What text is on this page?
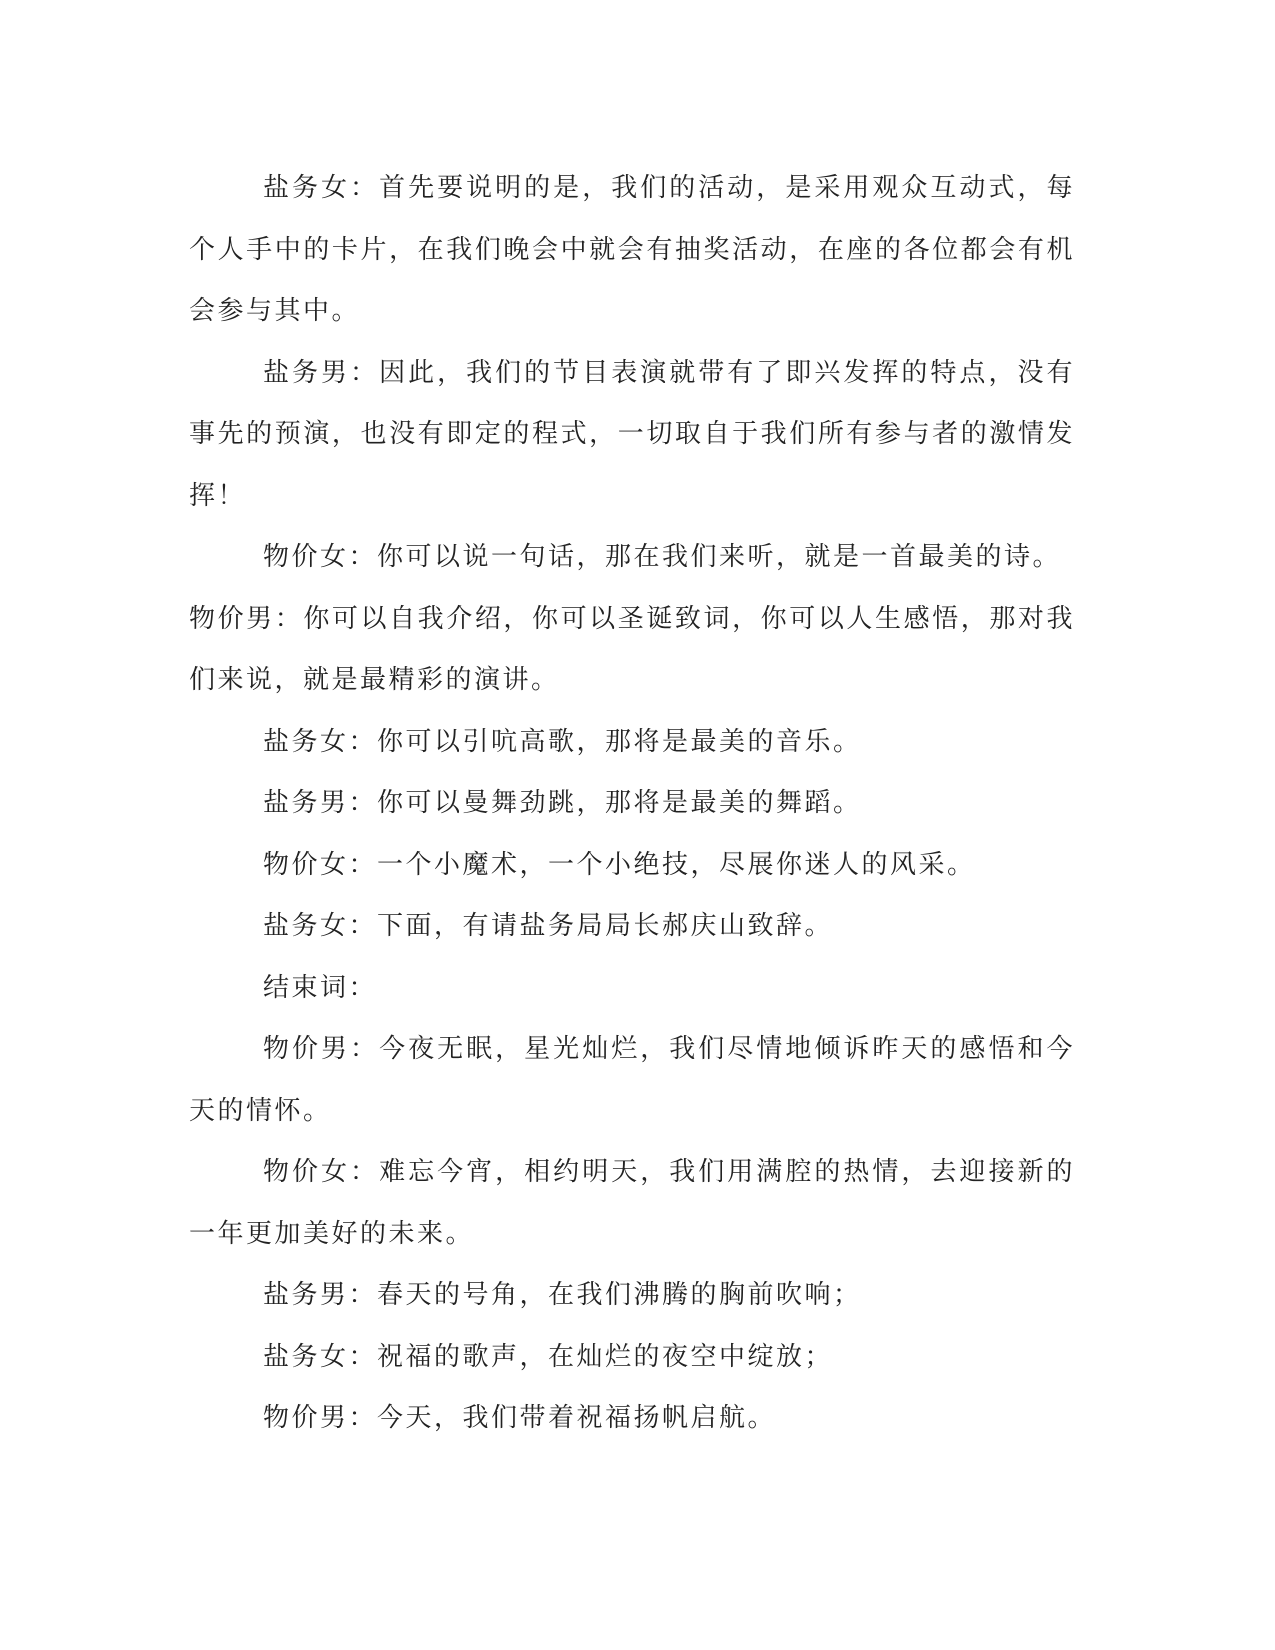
盐务女：首先要说明的是，我们的活动，是采用观众互动式，每个人手中的卡片，在我们晚会中就会有抽奖活动，在座的各位都会有机会参与其中。

盐务男：因此，我们的节目表演就带有了即兴发挥的特点，没有事先的预演，也没有即定的程式，一切取自于我们所有参与者的激情发挥！

物价女：你可以说一句话，那在我们来听，就是一首最美的诗。

物价男：你可以自我介绍，你可以圣诞致词，你可以人生感悟，那对我们来说，就是最精彩的演讲。

盐务女：你可以引吭高歌，那将是最美的音乐。

盐务男：你可以曼舞劲跳，那将是最美的舞蹈。

物价女：一个小魔术，一个小绝技，尽展你迷人的风采。

盐务女：下面，有请盐务局局长郝庆山致辞。

结束词：

物价男：今夜无眠，星光灿烂，我们尽情地倾诉昨天的感悟和今天的情怀。

物价女：难忘今宵，相约明天，我们用满腔的热情，去迎接新的一年更加美好的未来。

盐务男：春天的号角，在我们沸腾的胸前吹响；

盐务女：祝福的歌声，在灿烂的夜空中绽放；

物价男：今天，我们带着祝福扬帆启航。
